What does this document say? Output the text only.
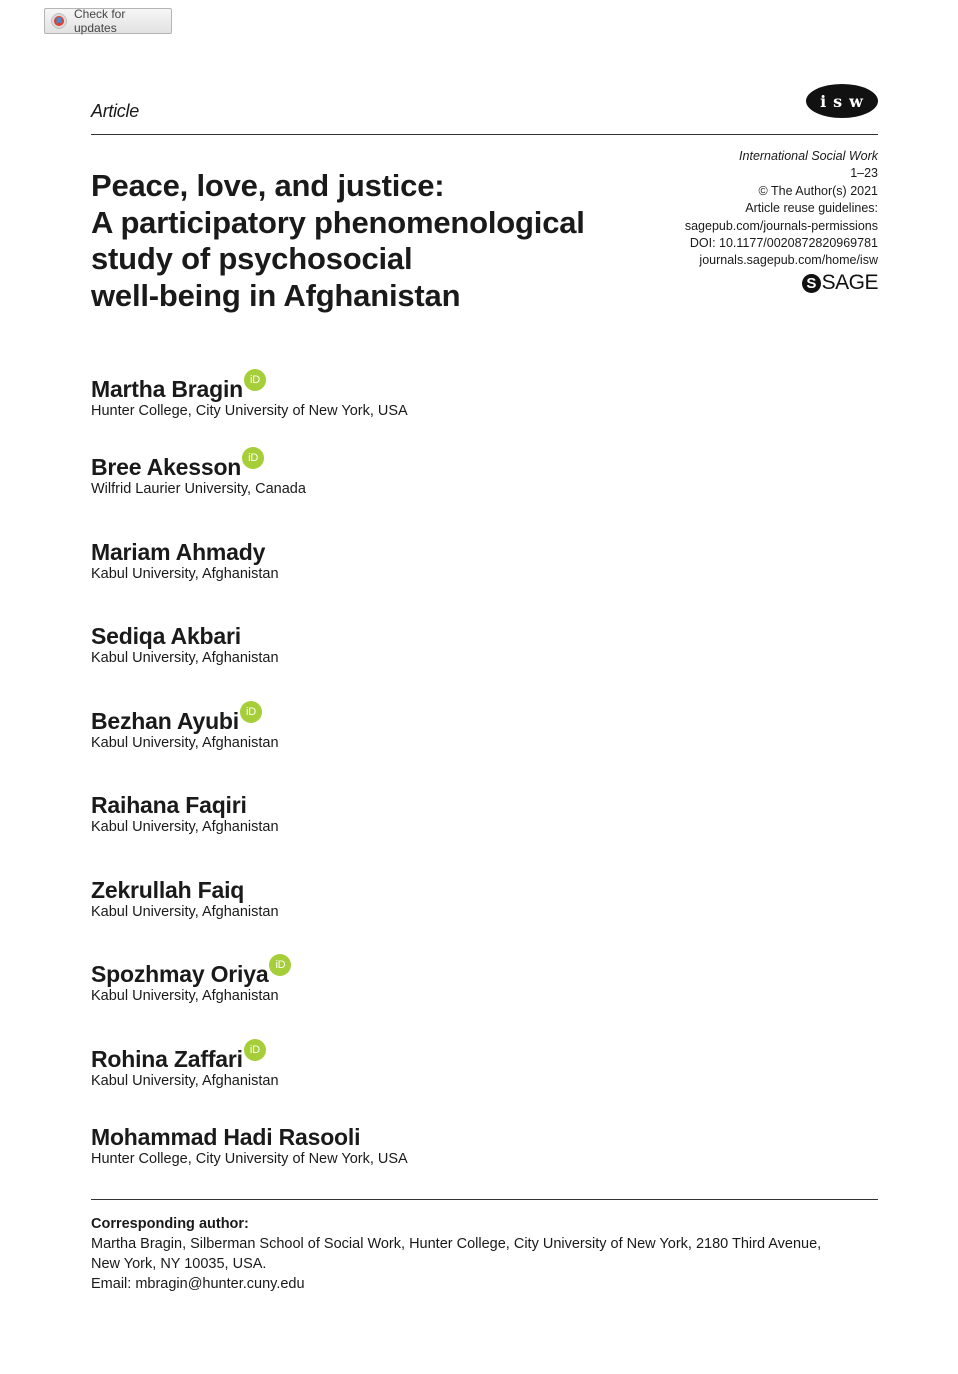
Check for updates
Article	isw
International Social Work
1–23
© The Author(s) 2021
Article reuse guidelines:
sagepub.com/journals-permissions
DOI: 10.1177/0020872820969781
journals.sagepub.com/home/isw
S SAGE
Peace, love, and justice:
A participatory phenomenological
study of psychosocial
well-being in Afghanistan
Martha Bragin iD
Hunter College, City University of New York, USA
Bree Akesson iD
Wilfrid Laurier University, Canada
Mariam Ahmady
Kabul University, Afghanistan
Sediqa Akbari
Kabul University, Afghanistan
Bezhan Ayubi iD
Kabul University, Afghanistan
Raihana Faqiri
Kabul University, Afghanistan
Zekrullah Faiq
Kabul University, Afghanistan
Spozhmay Oriya iD
Kabul University, Afghanistan
Rohina Zaffari iD
Kabul University, Afghanistan
Mohammad Hadi Rasooli
Hunter College, City University of New York, USA
Corresponding author:
Martha Bragin, Silberman School of Social Work, Hunter College, City University of New York, 2180 Third Avenue,
New York, NY 10035, USA.
Email: mbragin@hunter.cuny.edu
